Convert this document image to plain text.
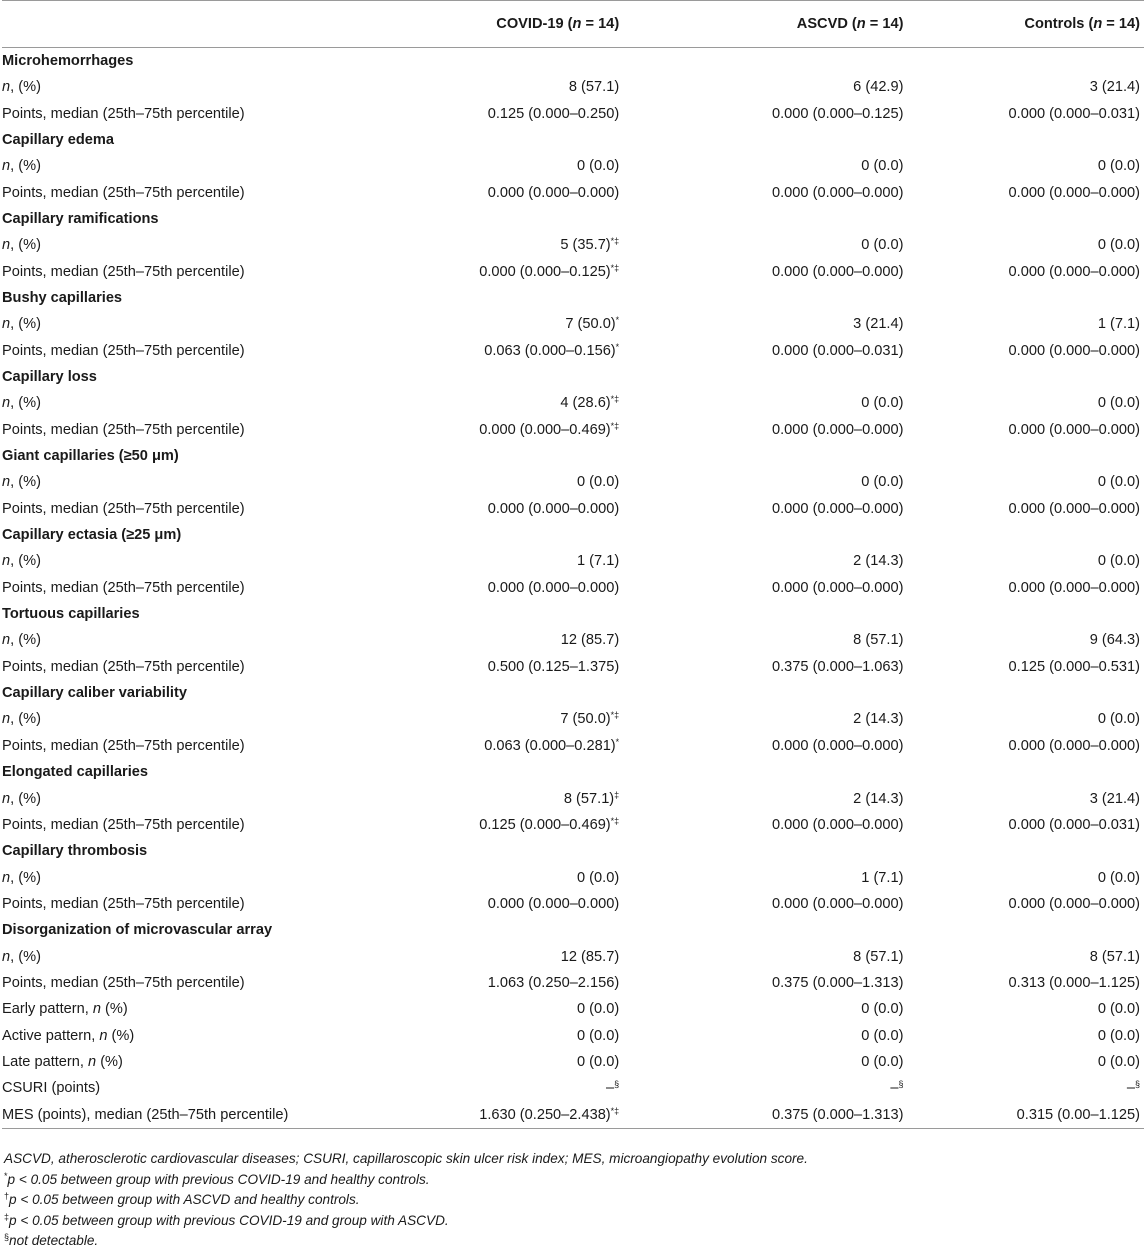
	COVID-19 (n = 14)	ASCVD (n = 14)	Controls (n = 14)
Microhemorrhages			
n, (%)	8 (57.1)	6 (42.9)	3 (21.4)
Points, median (25th–75th percentile)	0.125 (0.000–0.250)	0.000 (0.000–0.125)	0.000 (0.000–0.031)
Capillary edema			
n, (%)	0 (0.0)	0 (0.0)	0 (0.0)
Points, median (25th–75th percentile)	0.000 (0.000–0.000)	0.000 (0.000–0.000)	0.000 (0.000–0.000)
Capillary ramifications			
n, (%)	5 (35.7)*‡	0 (0.0)	0 (0.0)
Points, median (25th–75th percentile)	0.000 (0.000–0.125)*‡	0.000 (0.000–0.000)	0.000 (0.000–0.000)
Bushy capillaries			
n, (%)	7 (50.0)*	3 (21.4)	1 (7.1)
Points, median (25th–75th percentile)	0.063 (0.000–0.156)*	0.000 (0.000–0.031)	0.000 (0.000–0.000)
Capillary loss			
n, (%)	4 (28.6)*‡	0 (0.0)	0 (0.0)
Points, median (25th–75th percentile)	0.000 (0.000–0.469)*‡	0.000 (0.000–0.000)	0.000 (0.000–0.000)
Giant capillaries (≥50 μm)			
n, (%)	0 (0.0)	0 (0.0)	0 (0.0)
Points, median (25th–75th percentile)	0.000 (0.000–0.000)	0.000 (0.000–0.000)	0.000 (0.000–0.000)
Capillary ectasia (≥25 μm)			
n, (%)	1 (7.1)	2 (14.3)	0 (0.0)
Points, median (25th–75th percentile)	0.000 (0.000–0.000)	0.000 (0.000–0.000)	0.000 (0.000–0.000)
Tortuous capillaries			
n, (%)	12 (85.7)	8 (57.1)	9 (64.3)
Points, median (25th–75th percentile)	0.500 (0.125–1.375)	0.375 (0.000–1.063)	0.125 (0.000–0.531)
Capillary caliber variability			
n, (%)	7 (50.0)*‡	2 (14.3)	0 (0.0)
Points, median (25th–75th percentile)	0.063 (0.000–0.281)*	0.000 (0.000–0.000)	0.000 (0.000–0.000)
Elongated capillaries			
n, (%)	8 (57.1)‡	2 (14.3)	3 (21.4)
Points, median (25th–75th percentile)	0.125 (0.000–0.469)*‡	0.000 (0.000–0.000)	0.000 (0.000–0.031)
Capillary thrombosis			
n, (%)	0 (0.0)	1 (7.1)	0 (0.0)
Points, median (25th–75th percentile)	0.000 (0.000–0.000)	0.000 (0.000–0.000)	0.000 (0.000–0.000)
Disorganization of microvascular array			
n, (%)	12 (85.7)	8 (57.1)	8 (57.1)
Points, median (25th–75th percentile)	1.063 (0.250–2.156)	0.375 (0.000–1.313)	0.313 (0.000–1.125)
Early pattern, n (%)	0 (0.0)	0 (0.0)	0 (0.0)
Active pattern, n (%)	0 (0.0)	0 (0.0)	0 (0.0)
Late pattern, n (%)	0 (0.0)	0 (0.0)	0 (0.0)
CSURI (points)	–§	–§	–§
MES (points), median (25th–75th percentile)	1.630 (0.250–2.438)*‡	0.375 (0.000–1.313)	0.315 (0.00–1.125)
ASCVD, atherosclerotic cardiovascular diseases; CSURI, capillaroscopic skin ulcer risk index; MES, microangiopathy evolution score.
*p < 0.05 between group with previous COVID-19 and healthy controls.
†p < 0.05 between group with ASCVD and healthy controls.
‡p < 0.05 between group with previous COVID-19 and group with ASCVD.
§not detectable.
